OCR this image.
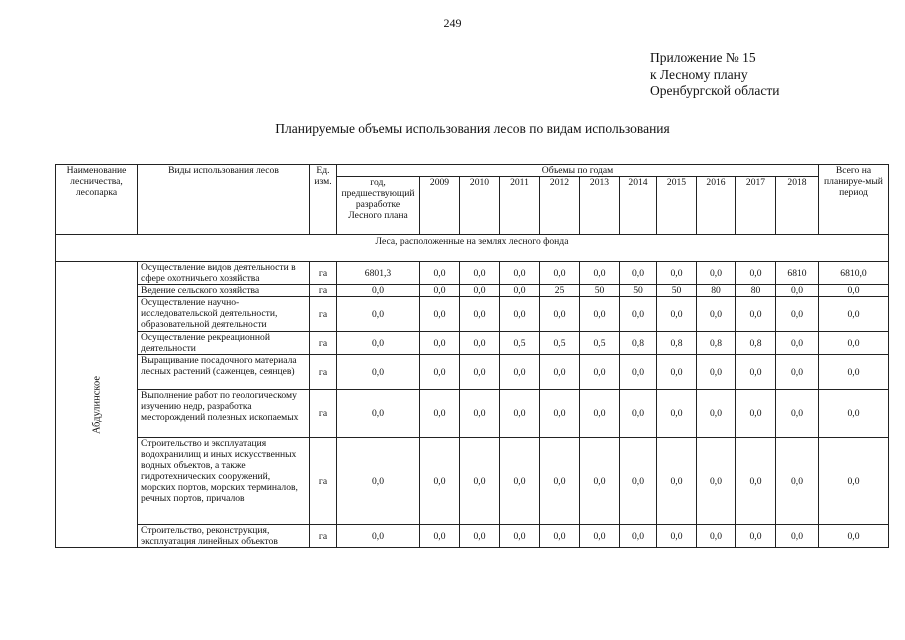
249
Приложение № 15
к Лесному плану
Оренбургской области
Планируемые объемы использования лесов по видам использования
Наименование лесничества, лесопарка	Виды использования лесов	Ед. изм.	Объемы по годам											Всего на планируе-мый период
			год, предшествующий разработке Лесного плана	2009	2010	2011	2012	2013	2014	2015	2016	2017	2018	
Леса, расположенные на землях лесного фонда														

Абдулинское	Осуществление видов деятельности в сфере охотничьего хозяйства	га	6801,3	0,0	0,0	0,0	0,0	0,0	0,0	0,0	0,0	0,0	6810	6810,0
	Ведение сельского хозяйства	га	0,0	0,0	0,0	0,0	25	50	50	50	80	80	0,0	0,0
	Осуществление научно-исследовательской деятельности, образовательной деятельности	га	0,0	0,0	0,0	0,0	0,0	0,0	0,0	0,0	0,0	0,0	0,0	0,0
	Осуществление рекреационной деятельности	га	0,0	0,0	0,0	0,5	0,5	0,5	0,8	0,8	0,8	0,8	0,0	0,0
	Выращивание посадочного материала лесных растений (саженцев, сеянцев)	га	0,0	0,0	0,0	0,0	0,0	0,0	0,0	0,0	0,0	0,0	0,0	0,0
	Выполнение работ по геологическому изучению недр, разработка месторождений полезных ископаемых	га	0,0	0,0	0,0	0,0	0,0	0,0	0,0	0,0	0,0	0,0	0,0	0,0
	Строительство и эксплуатация водохранилищ и иных искусственных водных объектов, а также гидротехнических сооружений, морских портов, морских терминалов, речных портов, причалов	га	0,0	0,0	0,0	0,0	0,0	0,0	0,0	0,0	0,0	0,0	0,0	0,0
	Строительство, реконструкция, эксплуатация линейных объектов	га	0,0	0,0	0,0	0,0	0,0	0,0	0,0	0,0	0,0	0,0	0,0	0,0
